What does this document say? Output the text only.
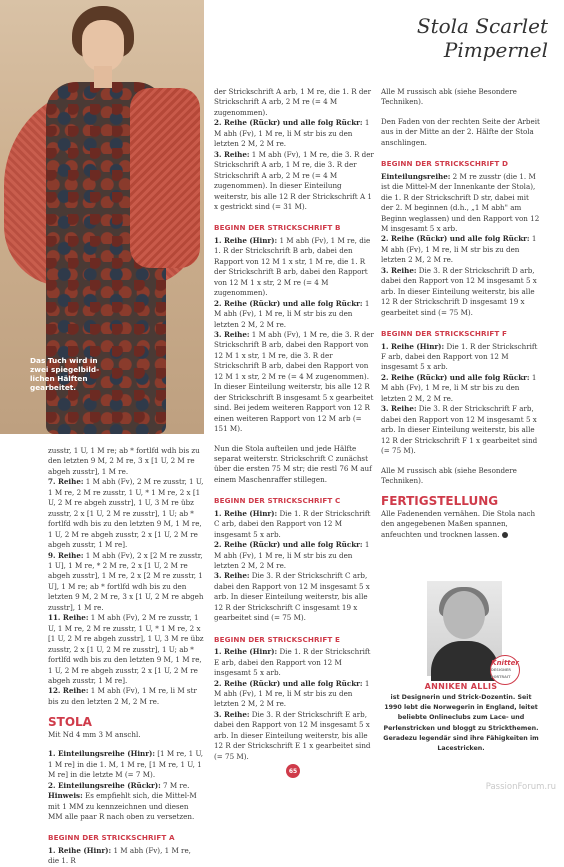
Das Tuch wird in zwei spiegelbild-lichen Hälften gearbeitet.
Stola Scarlet Pimpernel

zusstr, 1 U, 1 M re; ab * fortlfd wdh bis zu den letzten 9 M, 2 M re, 3 x [1 U, 2 M re abgeh zusstr], 1 M re.

7. Reihe: 1 M abh (Fv), 2 M re zusstr, 1 U, 1 M re, 2 M re zusstr, 1 U, * 1 M re, 2 x [1 U, 2 M re abgeh zusstr], 1 U, 3 M re übz zusstr, 2 x [1 U, 2 M re zusstr], 1 U; ab * fortlfd wdh bis zu den letzten 9 M, 1 M re, 1 U, 2 M re abgeh zusstr, 2 x [1 U, 2 M re abgeh zusstr, 1 M re].

9. Reihe: 1 M abh (Fv), 2 x [2 M re zusstr, 1 U], 1 M re, * 2 M re, 2 x [1 U, 2 M re abgeh zusstr], 1 M re, 2 x [2 M re zusstr, 1 U], 1 M re; ab * fortlfd wdh bis zu den letzten 9 M, 2 M re, 3 x [1 U, 2 M re abgeh zusstr], 1 M re.

11. Reihe: 1 M abh (Fv), 2 M re zusstr, 1 U, 1 M re, 2 M re zusstr, 1 U, * 1 M re, 2 x [1 U, 2 M re abgeh zusstr], 1 U, 3 M re übz zusstr, 2 x [1 U, 2 M re zusstr], 1 U; ab * fortlfd wdh bis zu den letzten 9 M, 1 M re, 1 U, 2 M re abgeh zusstr, 2 x [1 U, 2 M re abgeh zusstr, 1 M re].

12. Reihe: 1 M abh (Fv), 1 M re, li M str bis zu den letzten 2 M, 2 M re.

STOLA

Mit Nd 4 mm 3 M anschl.

1. Einteilungsreihe (Hinr): [1 M re, 1 U, 1 M re] in die 1. M, 1 M re, [1 M re, 1 U, 1 M re] in die letzte M (= 7 M).

2. Einteilungsreihe (Rückr): 7 M re.

Hinweis: Es empfiehlt sich, die Mittel-M mit 1 MM zu kennzeichnen und diesen MM alle paar R nach oben zu versetzen.

BEGINN DER STRICKSCHRIFT A

1. Reihe (Hinr): 1 M abh (Fv), 1 M re, die 1. R

der Strickschrift A arb, 1 M re, die 1. R der Strickschrift A arb, 2 M re (= 4 M zugenommen).

2. Reihe (Rückr) und alle folg Rückr: 1 M abh (Fv), 1 M re, li M str bis zu den letzten 2 M, 2 M re.

3. Reihe: 1 M abh (Fv), 1 M re, die 3. R der Strickschrift A arb, 1 M re, die 3. R der Strickschrift A arb, 2 M re (= 4 M zugenommen). In dieser Einteilung weiterstr, bis alle 12 R der Strickschrift A 1 x gestrickt sind (= 31 M).

BEGINN DER STRICKSCHRIFT B

1. Reihe (Hinr): 1 M abh (Fv), 1 M re, die 1. R der Strickschrift B arb, dabei den Rapport von 12 M 1 x str, 1 M re, die 1. R der Strickschrift B arb, dabei den Rapport von 12 M 1 x str, 2 M re (= 4 M zugenommen).

2. Reihe (Rückr) und alle folg Rückr: 1 M abh (Fv), 1 M re, li M str bis zu den letzten 2 M, 2 M re.

3. Reihe: 1 M abh (Fv), 1 M re, die 3. R der Strickschrift B arb, dabei den Rapport von 12 M 1 x str, 1 M re, die 3. R der Strickschrift B arb, dabei den Rapport von 12 M 1 x str, 2 M re (= 4 M zugenommen). In dieser Einteilung weiterstr, bis alle 12 R der Strickschrift B insgesamt 5 x gearbeitet sind. Bei jedem weiteren Rapport von 12 R einen weiteren Rapport von 12 M arb (= 151 M).

Nun die Stola aufteilen und jede Hälfte separat weiterstr. Strickschrift C zunächst über die ersten 75 M str; die restl 76 M auf einem Maschenraffer stillegen.

BEGINN DER STRICKSCHRIFT C

1. Reihe (Hinr): Die 1. R der Strickschrift C arb, dabei den Rapport von 12 M insgesamt 5 x arb.

2. Reihe (Rückr) und alle folg Rückr: 1 M abh (Fv), 1 M re, li M str bis zu den letzten 2 M, 2 M re.

3. Reihe: Die 3. R der Strickschrift C arb, dabei den Rapport von 12 M insgesamt 5 x arb. In dieser Einteilung weiterstr, bis alle 12 R der Strickschrift C insgesamt 19 x gearbeitet sind (= 75 M).

BEGINN DER STRICKSCHRIFT E

1. Reihe (Hinr): Die 1. R der Strickschrift E arb, dabei den Rapport von 12 M insgesamt 5 x arb.

2. Reihe (Rückr) und alle folg Rückr: 1 M abh (Fv), 1 M re, li M str bis zu den letzten 2 M, 2 M re.

3. Reihe: Die 3. R der Strickschrift E arb, dabei den Rapport von 12 M insgesamt 5 x arb. In dieser Einteilung weiterstr, bis alle 12 R der Strickschrift E 1 x gearbeitet sind (= 75 M).

Alle M russisch abk (siehe Besondere Techniken).

Den Faden von der rechten Seite der Arbeit aus in der Mitte an der 2. Hälfte der Stola anschlingen.

BEGINN DER STRICKSCHRIFT D

Einteilungsreihe: 2 M re zusstr (die 1. M ist die Mittel-M der Innenkante der Stola), die 1. R der Strickschrift D str, dabei mit der 2. M beginnen (d.h., „1 M abh" am Beginn weglassen) und den Rapport von 12 M insgesamt 5 x arb.

2. Reihe (Rückr) und alle folg Rückr: 1 M abh (Fv), 1 M re, li M str bis zu den letzten 2 M, 2 M re.

3. Reihe: Die 3. R der Strickschrift D arb, dabei den Rapport von 12 M insgesamt 5 x arb. In dieser Einteilung weiterstr, bis alle 12 R der Strickschrift D insgesamt 19 x gearbeitet sind (= 75 M).

BEGINN DER STRICKSCHRIFT F

1. Reihe (Hinr): Die 1. R der Strickschrift F arb, dabei den Rapport von 12 M insgesamt 5 x arb.

2. Reihe (Rückr) und alle folg Rückr: 1 M abh (Fv), 1 M re, li M str bis zu den letzten 2 M, 2 M re.

3. Reihe: Die 3. R der Strickschrift F arb, dabei den Rapport von 12 M insgesamt 5 x arb. In dieser Einteilung weiterstr, bis alle 12 R der Strickschrift F 1 x gearbeitet sind (= 75 M).

Alle M russisch abk (siehe Besondere Techniken).

FERTIGSTELLUNG

Alle Fadenenden vernähen. Die Stola nach den angegebenen Maßen spannen, anfeuchten und trocknen lassen.

Knitter
DESIGNER PORTRAIT
ANNIKEN ALLIS
ist Designerin und Strick-Dozentin. Seit 1990 lebt die Norwegerin in England, leitet beliebte Onlineclubs zum Lace- und Perlenstricken und bloggt zu Strickthemen. Geradezu legendär sind ihre Fähigkeiten im Lacestricken.
65
PassionForum.ru
